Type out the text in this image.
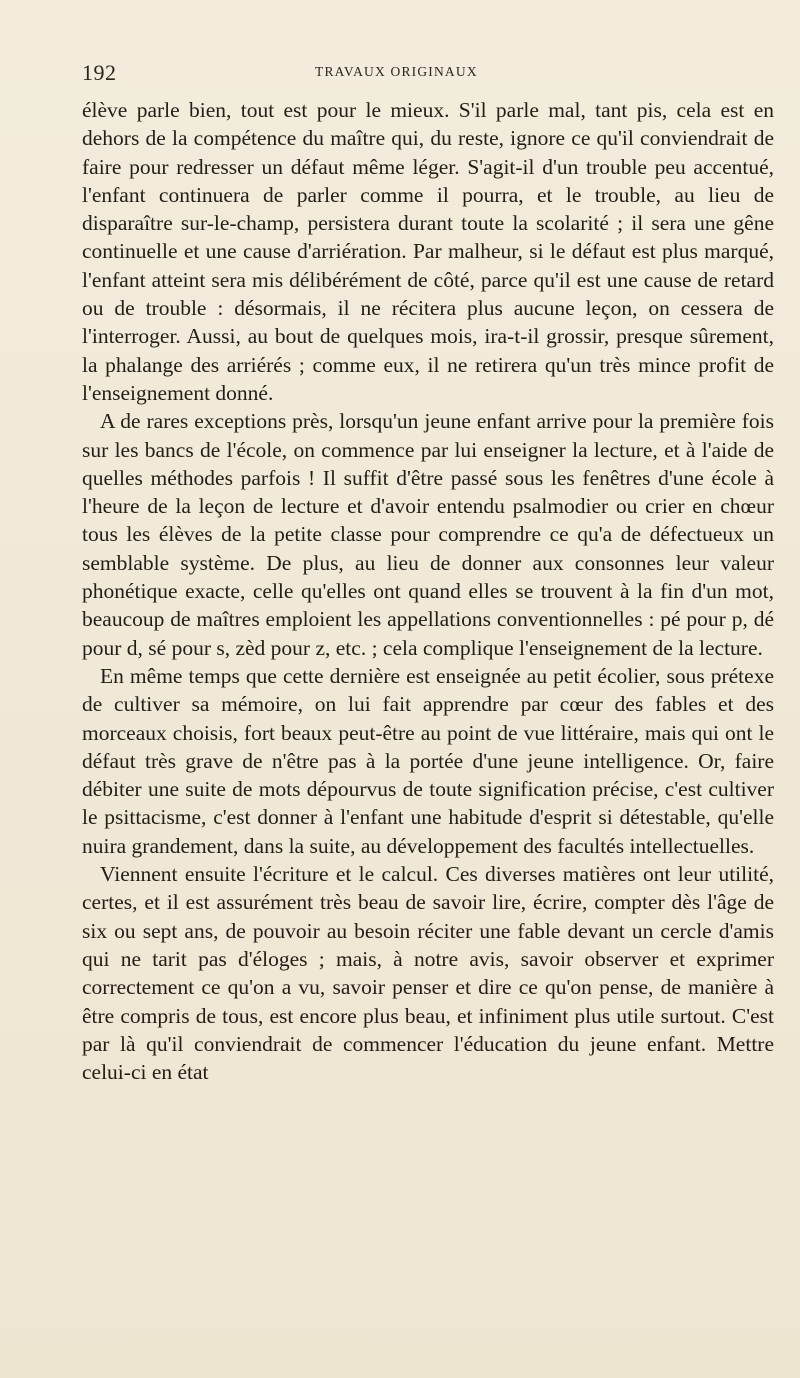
192	TRAVAUX ORIGINAUX

élève parle bien, tout est pour le mieux. S'il parle mal, tant pis, cela est en dehors de la compétence du maître qui, du reste, ignore ce qu'il conviendrait de faire pour redresser un défaut même léger. S'agit-il d'un trouble peu accentué, l'enfant continuera de parler comme il pourra, et le trouble, au lieu de disparaître sur-le-champ, persistera durant toute la scolarité ; il sera une gêne continuelle et une cause d'arriération. Par malheur, si le défaut est plus marqué, l'enfant atteint sera mis délibérément de côté, parce qu'il est une cause de retard ou de trouble : désormais, il ne récitera plus aucune leçon, on cessera de l'interroger. Aussi, au bout de quelques mois, ira-t-il grossir, presque sûrement, la phalange des arriérés ; comme eux, il ne retirera qu'un très mince profit de l'enseignement donné.

A de rares exceptions près, lorsqu'un jeune enfant arrive pour la première fois sur les bancs de l'école, on commence par lui enseigner la lecture, et à l'aide de quelles méthodes parfois ! Il suffit d'être passé sous les fenêtres d'une école à l'heure de la leçon de lecture et d'avoir entendu psalmodier ou crier en chœur tous les élèves de la petite classe pour comprendre ce qu'a de défectueux un semblable système. De plus, au lieu de donner aux consonnes leur valeur phonétique exacte, celle qu'elles ont quand elles se trouvent à la fin d'un mot, beaucoup de maîtres emploient les appellations conventionnelles : pé pour p, dé pour d, sé pour s, zèd pour z, etc. ; cela complique l'enseignement de la lecture.

En même temps que cette dernière est enseignée au petit écolier, sous prétexe de cultiver sa mémoire, on lui fait apprendre par cœur des fables et des morceaux choisis, fort beaux peut-être au point de vue littéraire, mais qui ont le défaut très grave de n'être pas à la portée d'une jeune intelligence. Or, faire débiter une suite de mots dépourvus de toute signification précise, c'est cultiver le psittacisme, c'est donner à l'enfant une habitude d'esprit si détestable, qu'elle nuira grandement, dans la suite, au développement des facultés intellectuelles.

Viennent ensuite l'écriture et le calcul. Ces diverses matières ont leur utilité, certes, et il est assurément très beau de savoir lire, écrire, compter dès l'âge de six ou sept ans, de pouvoir au besoin réciter une fable devant un cercle d'amis qui ne tarit pas d'éloges ; mais, à notre avis, savoir observer et exprimer correctement ce qu'on a vu, savoir penser et dire ce qu'on pense, de manière à être compris de tous, est encore plus beau, et infiniment plus utile surtout. C'est par là qu'il conviendrait de commencer l'éducation du jeune enfant. Mettre celui-ci en état
